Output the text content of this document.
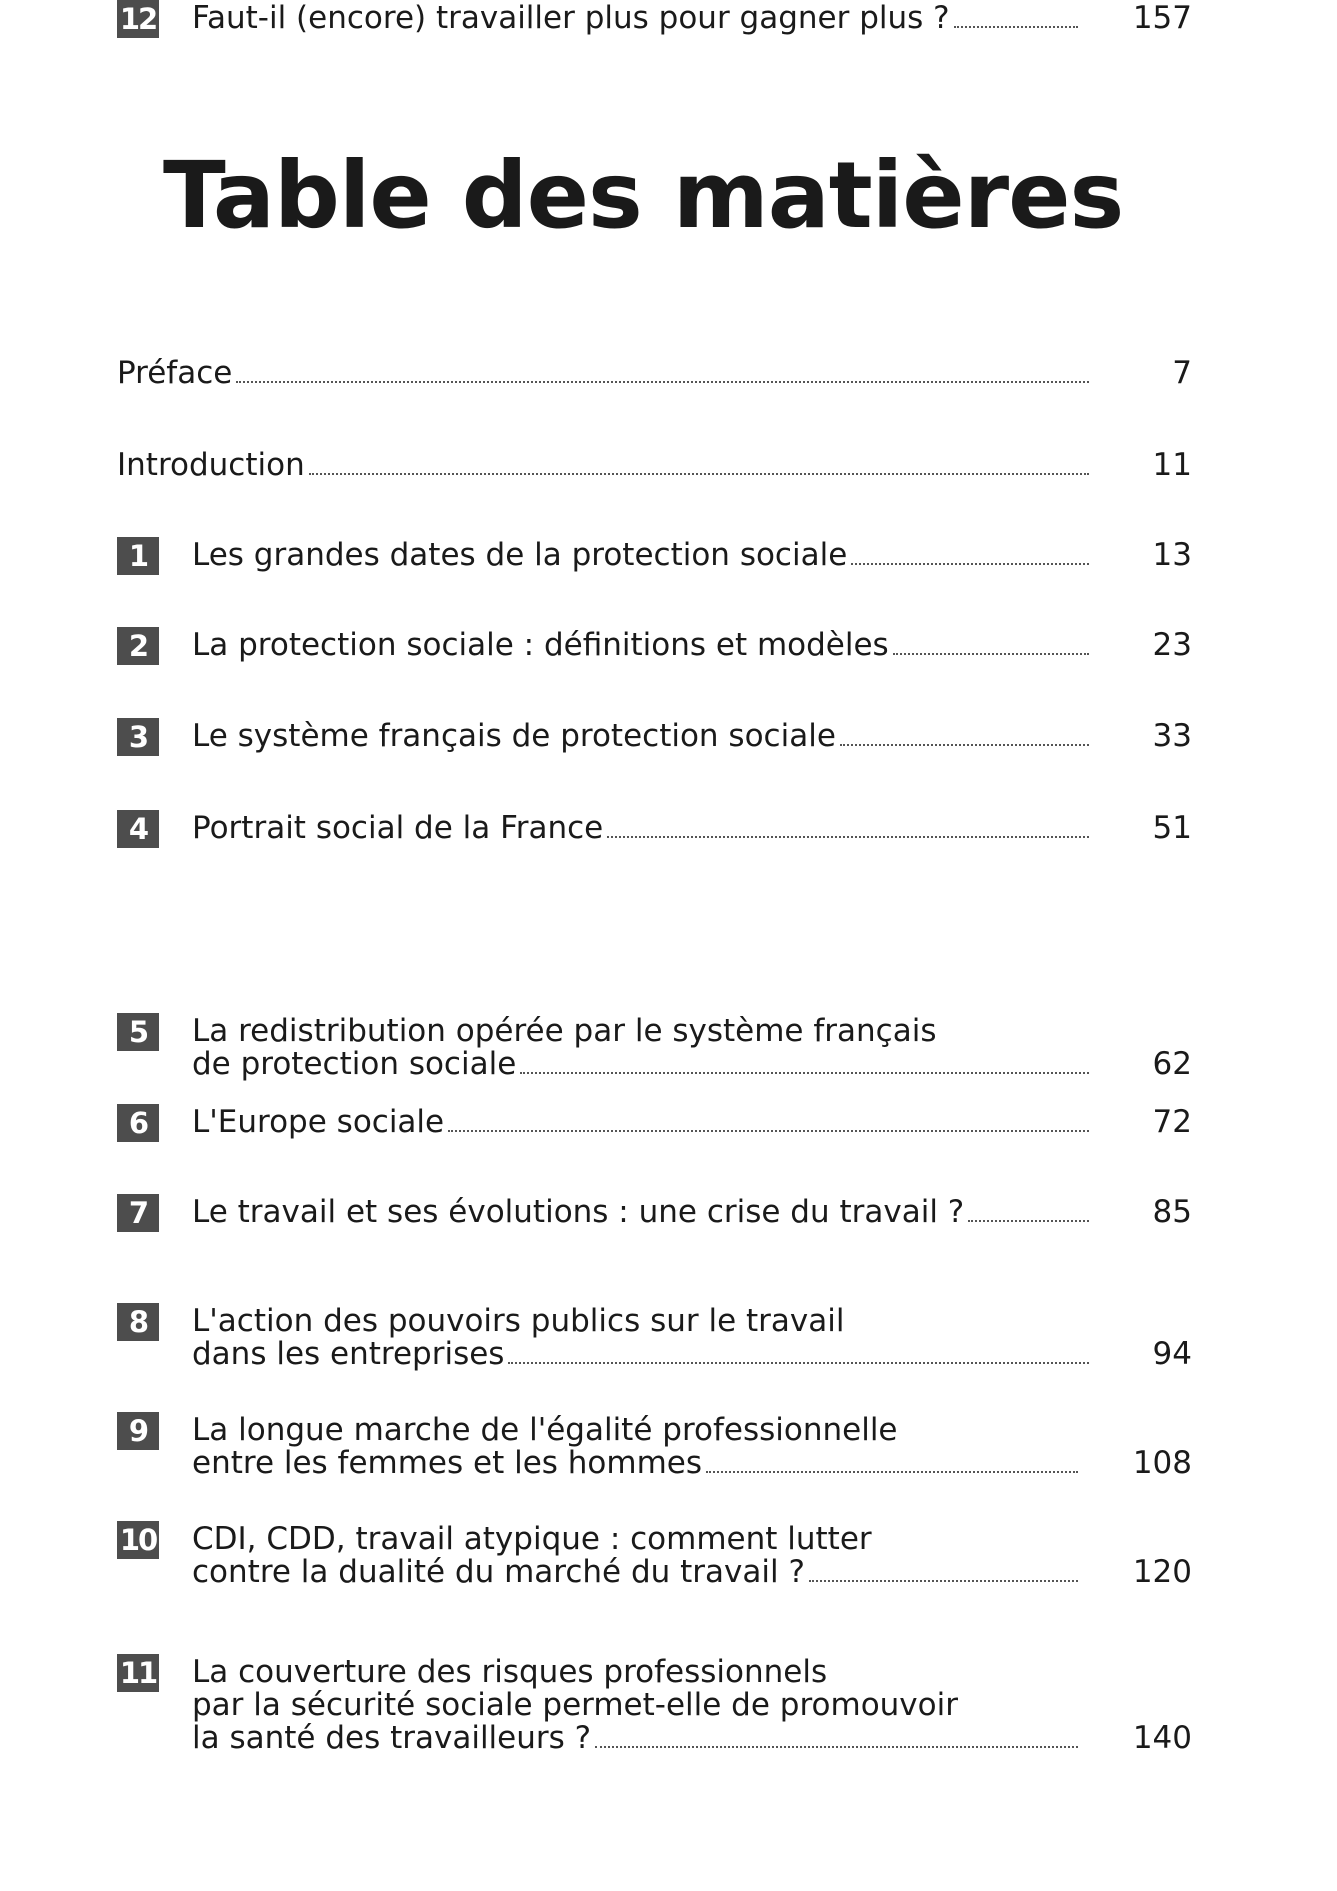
Table des matières
Préface	7
Introduction	11
1	Les grandes dates de la protection sociale	13
2	La protection sociale : définitions et modèles	23
3	Le système français de protection sociale	33
4	Portrait social de la France	51
5	La redistribution opérée par le système français
de protection sociale	62
6	L'Europe sociale	72
7	Le travail et ses évolutions : une crise du travail ?	85
8	L'action des pouvoirs publics sur le travail
dans les entreprises	94
9	La longue marche de l'égalité professionnelle
entre les femmes et les hommes	108
10 CDI, CDD, travail atypique : comment lutter
contre la dualité du marché du travail ?	120
11 La couverture des risques professionnels
par la sécurité sociale permet-elle de promouvoir
la santé des travailleurs ?	140
12 Faut-il (encore) travailler plus pour gagner plus ?	157
